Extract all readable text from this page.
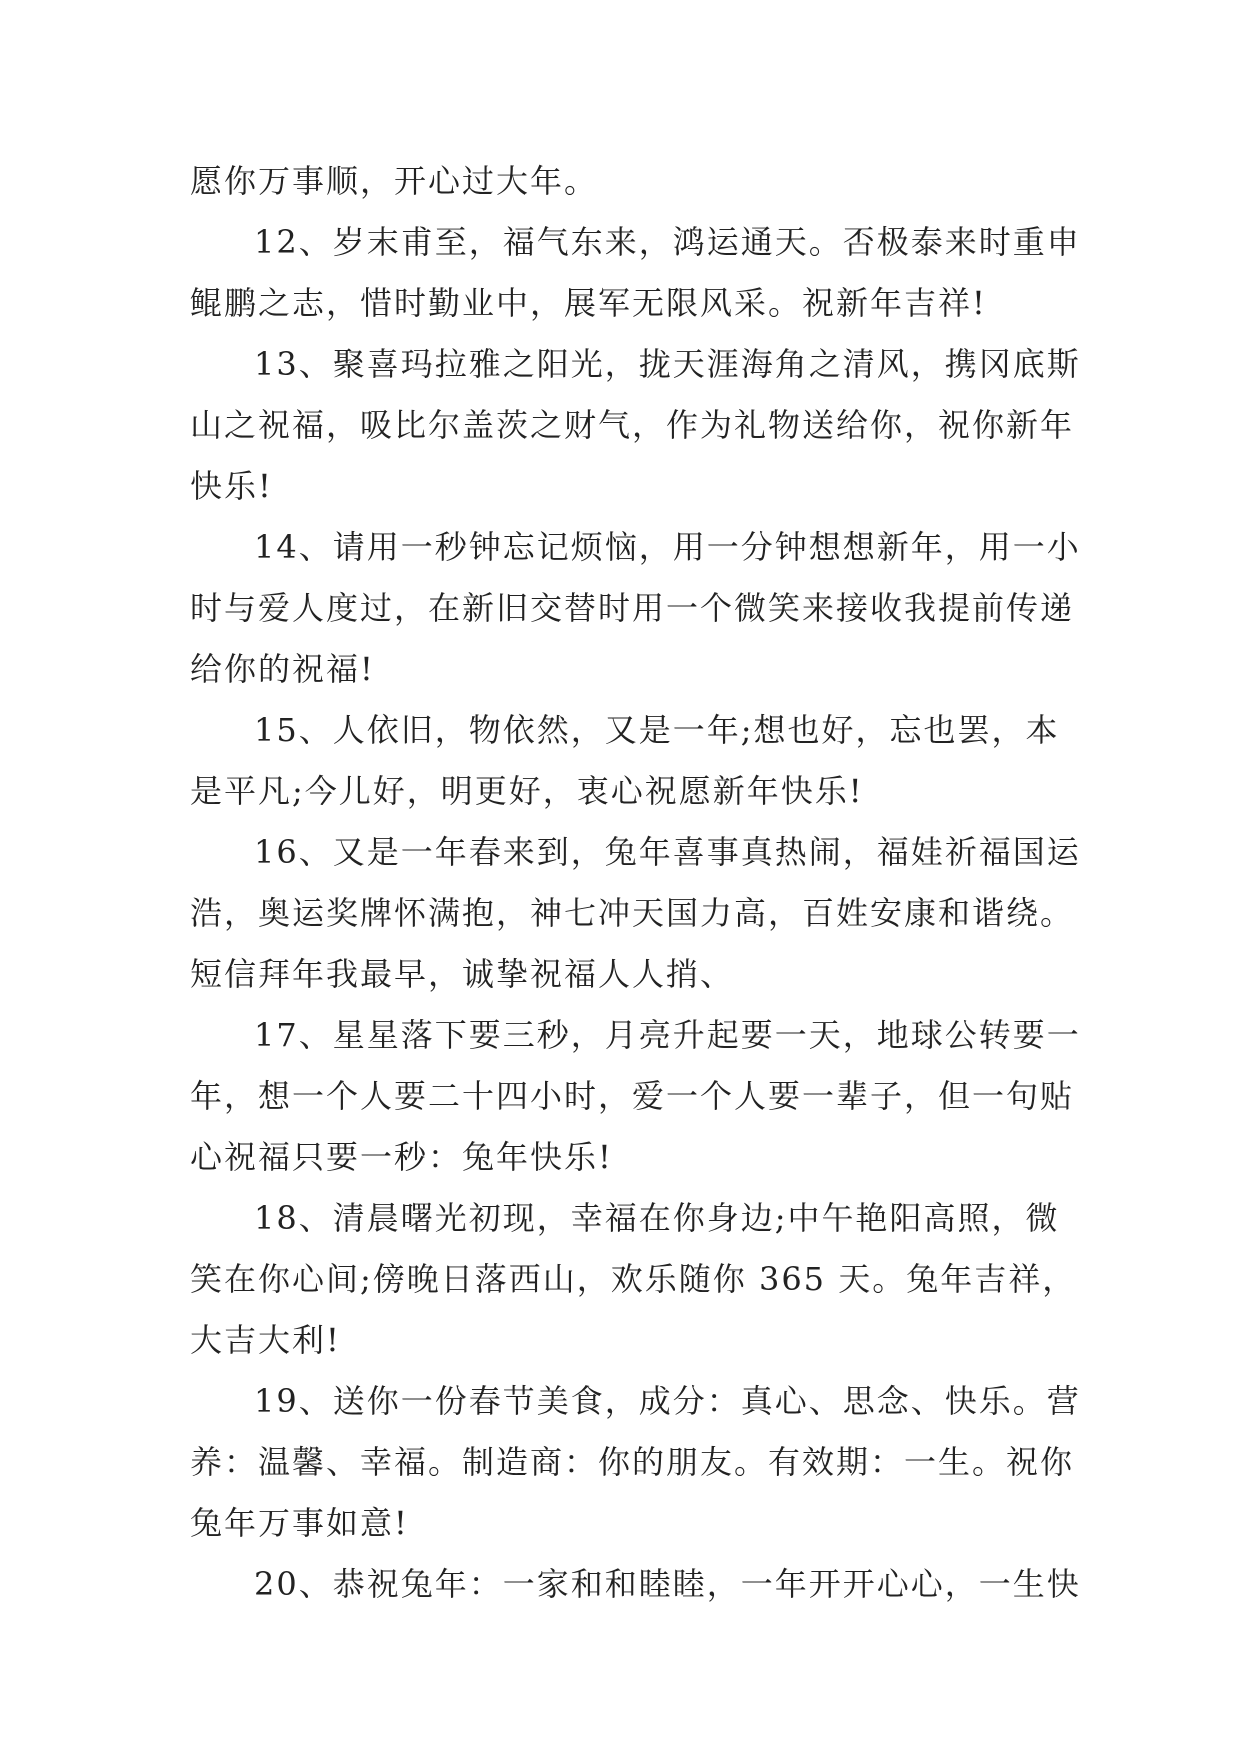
愿你万事顺，开心过大年。
12、岁末甫至，福气东来，鸿运通天。否极泰来时重申
鲲鹏之志，惜时勤业中，展军无限风采。祝新年吉祥!
13、聚喜玛拉雅之阳光，拢天涯海角之清风，携冈底斯
山之祝福，吸比尔盖茨之财气，作为礼物送给你，祝你新年
快乐!
14、请用一秒钟忘记烦恼，用一分钟想想新年，用一小
时与爱人度过，在新旧交替时用一个微笑来接收我提前传递
给你的祝福!
15、人依旧，物依然，又是一年;想也好，忘也罢，本
是平凡;今儿好，明更好，衷心祝愿新年快乐!
16、又是一年春来到，兔年喜事真热闹，福娃祈福国运
浩，奥运奖牌怀满抱，神七冲天国力高，百姓安康和谐绕。
短信拜年我最早，诚挚祝福人人捎、
17、星星落下要三秒，月亮升起要一天，地球公转要一
年，想一个人要二十四小时，爱一个人要一辈子，但一句贴
心祝福只要一秒：兔年快乐!
18、清晨曙光初现，幸福在你身边;中午艳阳高照，微
笑在你心间;傍晚日落西山，欢乐随你 365 天。兔年吉祥，
大吉大利!
19、送你一份春节美食，成分：真心、思念、快乐。营
养：温馨、幸福。制造商：你的朋友。有效期：一生。祝你
兔年万事如意!
20、恭祝兔年：一家和和睦睦，一年开开心心，一生快
